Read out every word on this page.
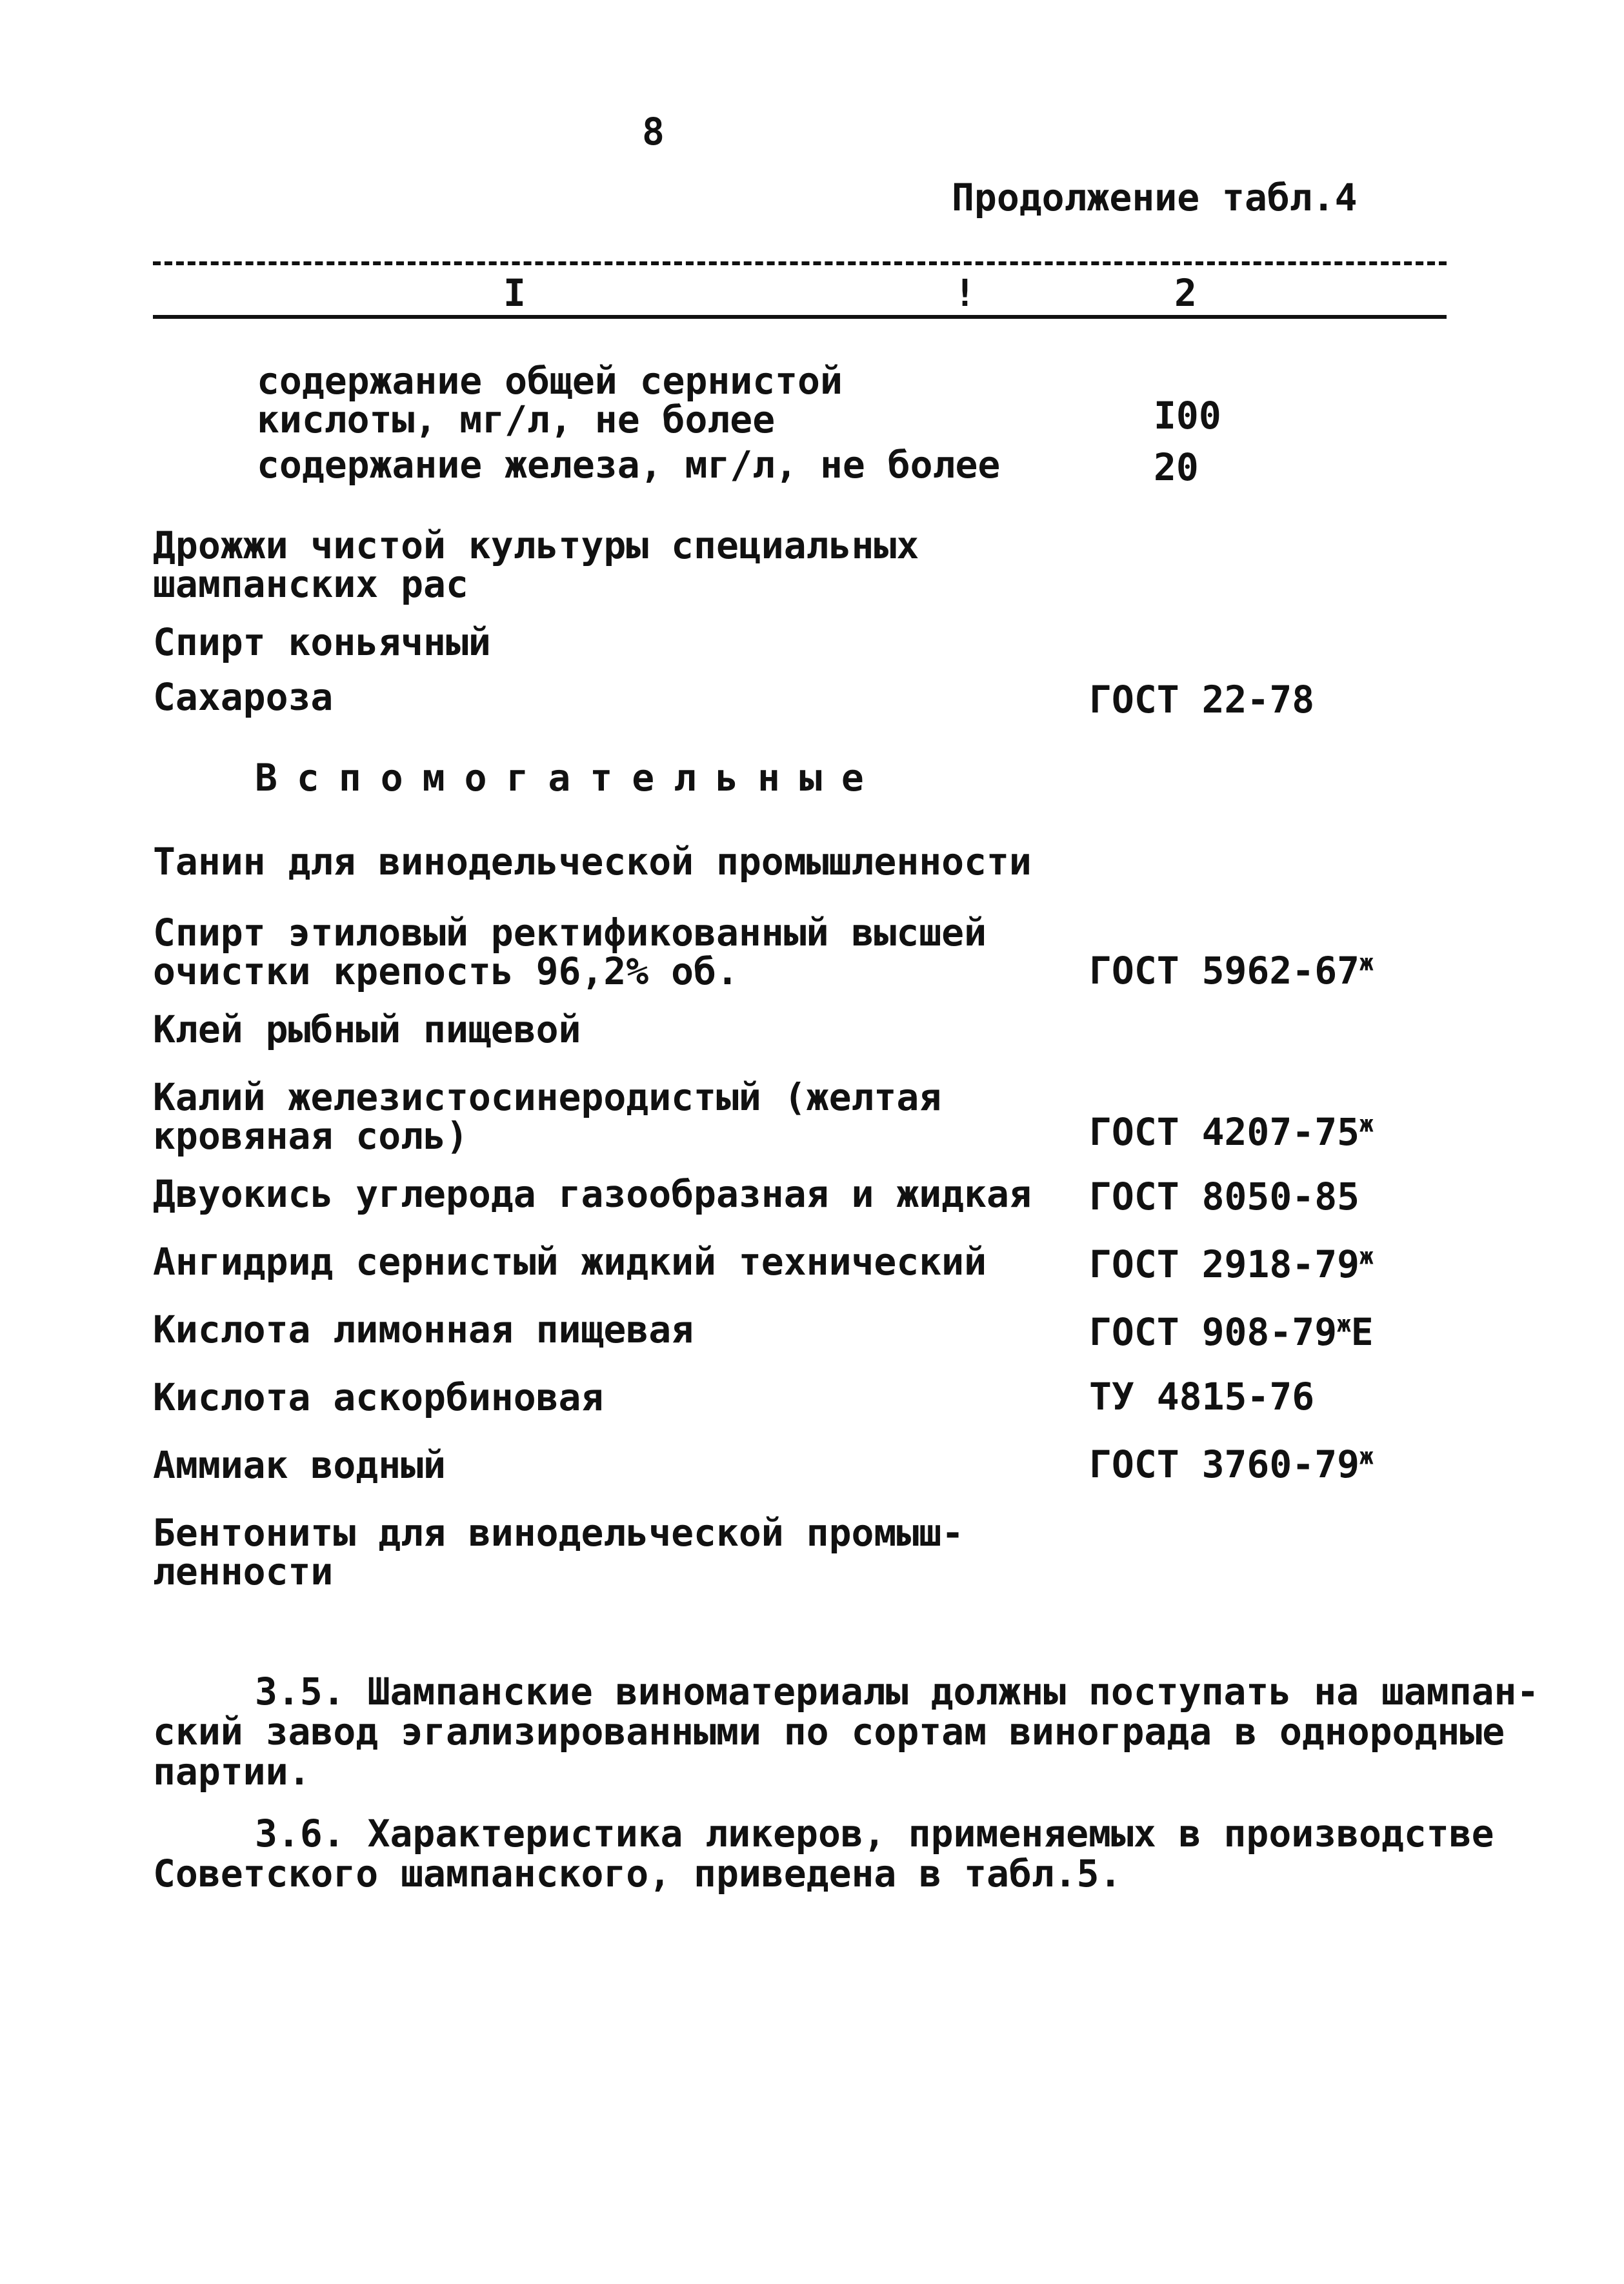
8
Продолжение табл.4
I	!	2
содержание общей сернистой
кислоты, мг/л, не более	I00
содержание железа, мг/л, не более	20
Дрожжи чистой культуры специальных
шампанских рас
Спирт коньячный
Сахароза	ГОСТ 22-78
Вспомогательные
Танин для винодельческой промышленности
Спирт этиловый ректификованный высшей
очистки крепость 96,2% об.	ГОСТ $5962-67^ж$
Клей рыбный пищевой
Калий железистосинеродистый (желтая
кровяная соль)	ГОСТ $4207-75^ж$
Двуокись углерода газообразная и жидкая ГОСТ 8050-85
Ангидрид сернистый жидкий технический	ГОСТ $2918-79^ж$
Кислота лимонная пищевая	ГОСТ $908-79^жЕ$
Кислота аскорбиновая	ТУ 4815-76
Аммиак водный	ГОСТ $3760-79^ж$
Бентониты для винодельческой промыш-
ленности
3.5. Шампанские виноматериалы должны поступать на шампан-
ский завод эгализированными по сортам винограда в однородные
партии.
3.6. Характеристика ликеров, применяемых в производстве
Советского шампанского, приведена в табл.5.
